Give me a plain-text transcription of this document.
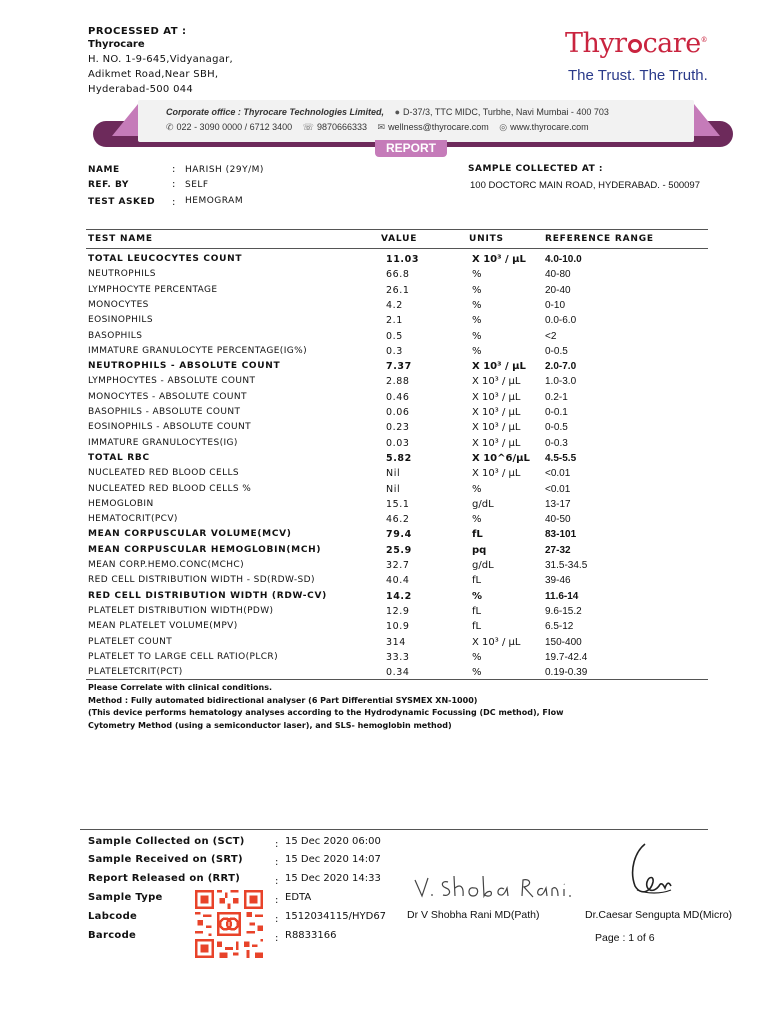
PROCESSED AT :
Thyrocare
H. NO. 1-9-645,Vidyanagar,
Adikmet Road,Near SBH,
Hyderabad-500 044
Thyr care®
The Trust. The Truth.
Corporate office : Thyrocare Technologies Limited, ● D-37/3, TTC MIDC, Turbhe, Navi Mumbai - 400 703
✆ 022 - 3090 0000 / 6712 3400 ☏ 9870666333 ✉ wellness@thyrocare.com ◎ www.thyrocare.com
REPORT
NAME	: HARISH (29Y/M)
REF. BY	: SELF
TEST ASKED : HEMOGRAM
SAMPLE COLLECTED AT :
100 DOCTORC MAIN ROAD, HYDERABAD. - 500097
TEST NAME	VALUE	UNITS	REFERENCE RANGE
TOTAL LEUCOCYTES COUNT	11.03	X 10³ / µL 4.0-10.0
NEUTROPHILS	66.8	%	40-80
LYMPHOCYTE PERCENTAGE	26.1	%	20-40
MONOCYTES	4.2	%	0-10
EOSINOPHILS	2.1	%	0.0-6.0
BASOPHILS	0.5	%	<2
IMMATURE GRANULOCYTE PERCENTAGE(IG%)	0.3	%	0-0.5
NEUTROPHILS - ABSOLUTE COUNT	7.37	X 10³ / µL 2.0-7.0
LYMPHOCYTES - ABSOLUTE COUNT	2.88	X 10³ / µL 1.0-3.0
MONOCYTES - ABSOLUTE COUNT	0.46	X 10³ / µL 0.2-1
BASOPHILS - ABSOLUTE COUNT	0.06	X 10³ / µL 0-0.1
EOSINOPHILS - ABSOLUTE COUNT	0.23	X 10³ / µL 0-0.5
IMMATURE GRANULOCYTES(IG)	0.03	X 10³ / µL 0-0.3
TOTAL RBC	5.82	X 10^6/µL 4.5-5.5
NUCLEATED RED BLOOD CELLS	Nil	X 10³ / µL <0.01
NUCLEATED RED BLOOD CELLS %	Nil	%	<0.01
HEMOGLOBIN	15.1	g/dL	13-17
HEMATOCRIT(PCV)	46.2	%	40-50
MEAN CORPUSCULAR VOLUME(MCV)	79.4	fL	83-101
MEAN CORPUSCULAR HEMOGLOBIN(MCH)	25.9	pq	27-32
MEAN CORP.HEMO.CONC(MCHC)	32.7	g/dL	31.5-34.5
RED CELL DISTRIBUTION WIDTH - SD(RDW-SD)	40.4	fL	39-46
RED CELL DISTRIBUTION WIDTH (RDW-CV)	14.2	%	11.6-14
PLATELET DISTRIBUTION WIDTH(PDW)	12.9	fL	9.6-15.2
MEAN PLATELET VOLUME(MPV)	10.9	fL	6.5-12
PLATELET COUNT	314	X 10³ / µL 150-400
PLATELET TO LARGE CELL RATIO(PLCR)	33.3	%	19.7-42.4
PLATELETCRIT(PCT)	0.34	%	0.19-0.39
Please Correlate with clinical conditions.
Method : Fully automated bidirectional analyser (6 Part Differential SYSMEX XN-1000)
(This device performs hematology analyses according to the Hydrodynamic Focussing (DC method), Flow
Cytometry Method (using a semiconductor laser), and SLS- hemoglobin method)
Sample Collected on (SCT)	: 15 Dec 2020 06:00
Sample Received on (SRT)	: 15 Dec 2020 14:07
Report Released on (RRT)	: 15 Dec 2020 14:33
Sample Type	: EDTA
Labcode	: 1512034115/HYD67
Barcode	: R8833166
Dr V Shobha Rani MD(Path)	Dr.Caesar Sengupta MD(Micro)
Page : 1 of 6
